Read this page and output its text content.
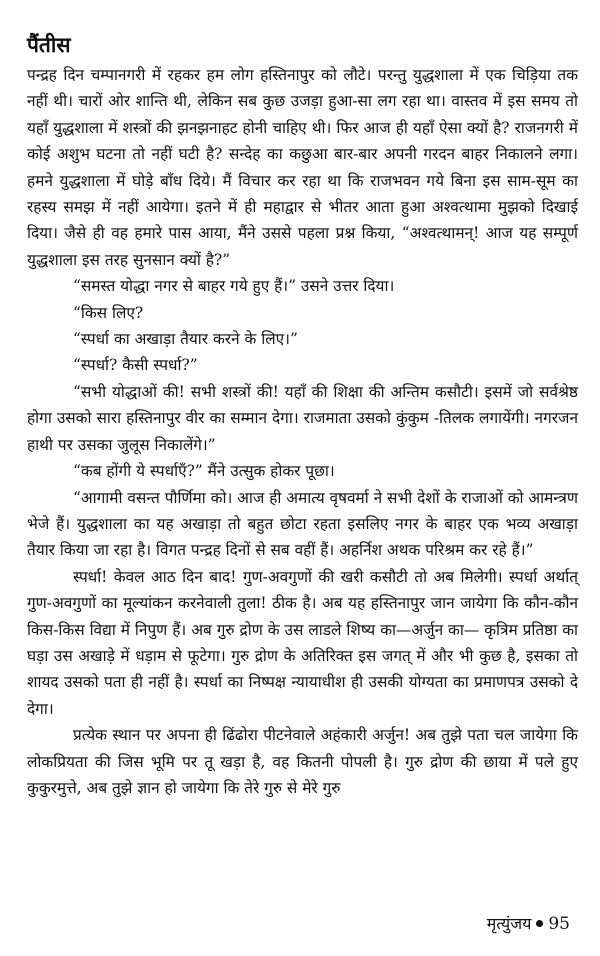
पैंतीस

पन्द्रह दिन चम्पानगरी में रहकर हम लोग हस्तिनापुर को लौटे। परन्तु युद्धशाला में एक चिड़िया तक नहीं थी। चारों ओर शान्ति थी, लेकिन सब कुछ उजड़ा हुआ-सा लग रहा था। वास्तव में इस समय तो यहाँ युद्धशाला में शस्त्रों की झनझनाहट होनी चाहिए थी। फिर आज ही यहाँ ऐसा क्यों है? राजनगरी में कोई अशुभ घटना तो नहीं घटी है? सन्देह का कछुआ बार-बार अपनी गरदन बाहर निकालने लगा। हमने युद्धशाला में घोड़े बाँध दिये। मैं विचार कर रहा था कि राजभवन गये बिना इस साम-सूम का रहस्य समझ में नहीं आयेगा। इतने में ही महाद्वार से भीतर आता हुआ अश्वत्थामा मुझको दिखाई दिया। जैसे ही वह हमारे पास आया, मैंने उससे पहला प्रश्न किया, “अश्वत्थामन्! आज यह सम्पूर्ण युद्धशाला इस तरह सुनसान क्यों है?”

“समस्त योद्धा नगर से बाहर गये हुए हैं।” उसने उत्तर दिया।

“किस लिए?

“स्पर्धा का अखाड़ा तैयार करने के लिए।”

“स्पर्धा? कैसी स्पर्धा?”

“सभी योद्धाओं की! सभी शस्त्रों की! यहाँ की शिक्षा की अन्तिम कसौटी। इसमें जो सर्वश्रेष्ठ होगा उसको सारा हस्तिनापुर वीर का सम्मान देगा। राजमाता उसको कुंकुम -तिलक लगायेंगी। नगरजन हाथी पर उसका जुलूस निकालेंगे।”

“कब होंगी ये स्पर्धाएँ?” मैंने उत्सुक होकर पूछा।

“आगामी वसन्त पौर्णिमा को। आज ही अमात्य वृषवर्मा ने सभी देशों के राजाओं को आमन्त्रण भेजे हैं। युद्धशाला का यह अखाड़ा तो बहुत छोटा रहता इसलिए नगर के बाहर एक भव्य अखाड़ा तैयार किया जा रहा है। विगत पन्द्रह दिनों से सब वहीं हैं। अहर्निश अथक परिश्रम कर रहे हैं।”

स्पर्धा! केवल आठ दिन बाद! गुण-अवगुणों की खरी कसौटी तो अब मिलेगी। स्पर्धा अर्थात् गुण-अवगुणों का मूल्यांकन करनेवाली तुला! ठीक है। अब यह हस्तिनापुर जान जायेगा कि कौन-कौन किस-किस विद्या में निपुण हैं। अब गुरु द्रोण के उस लाडले शिष्य का—अर्जुन का— कृत्रिम प्रतिष्ठा का घड़ा उस अखाड़े में धड़ाम से फूटेगा। गुरु द्रोण के अतिरिक्त इस जगत् में और भी कुछ है, इसका तो शायद उसको पता ही नहीं है। स्पर्धा का निष्पक्ष न्यायाधीश ही उसकी योग्यता का प्रमाणपत्र उसको दे देगा।

प्रत्येक स्थान पर अपना ही ढिंढोरा पीटनेवाले अहंकारी अर्जुन! अब तुझे पता चल जायेगा कि लोकप्रियता की जिस भूमि पर तू खड़ा है, वह कितनी पोपली है। गुरु द्रोण की छाया में पले हुए कुकुरमुत्ते, अब तुझे ज्ञान हो जायेगा कि तेरे गुरु से मेरे गुरु

मृत्युंजय 95
